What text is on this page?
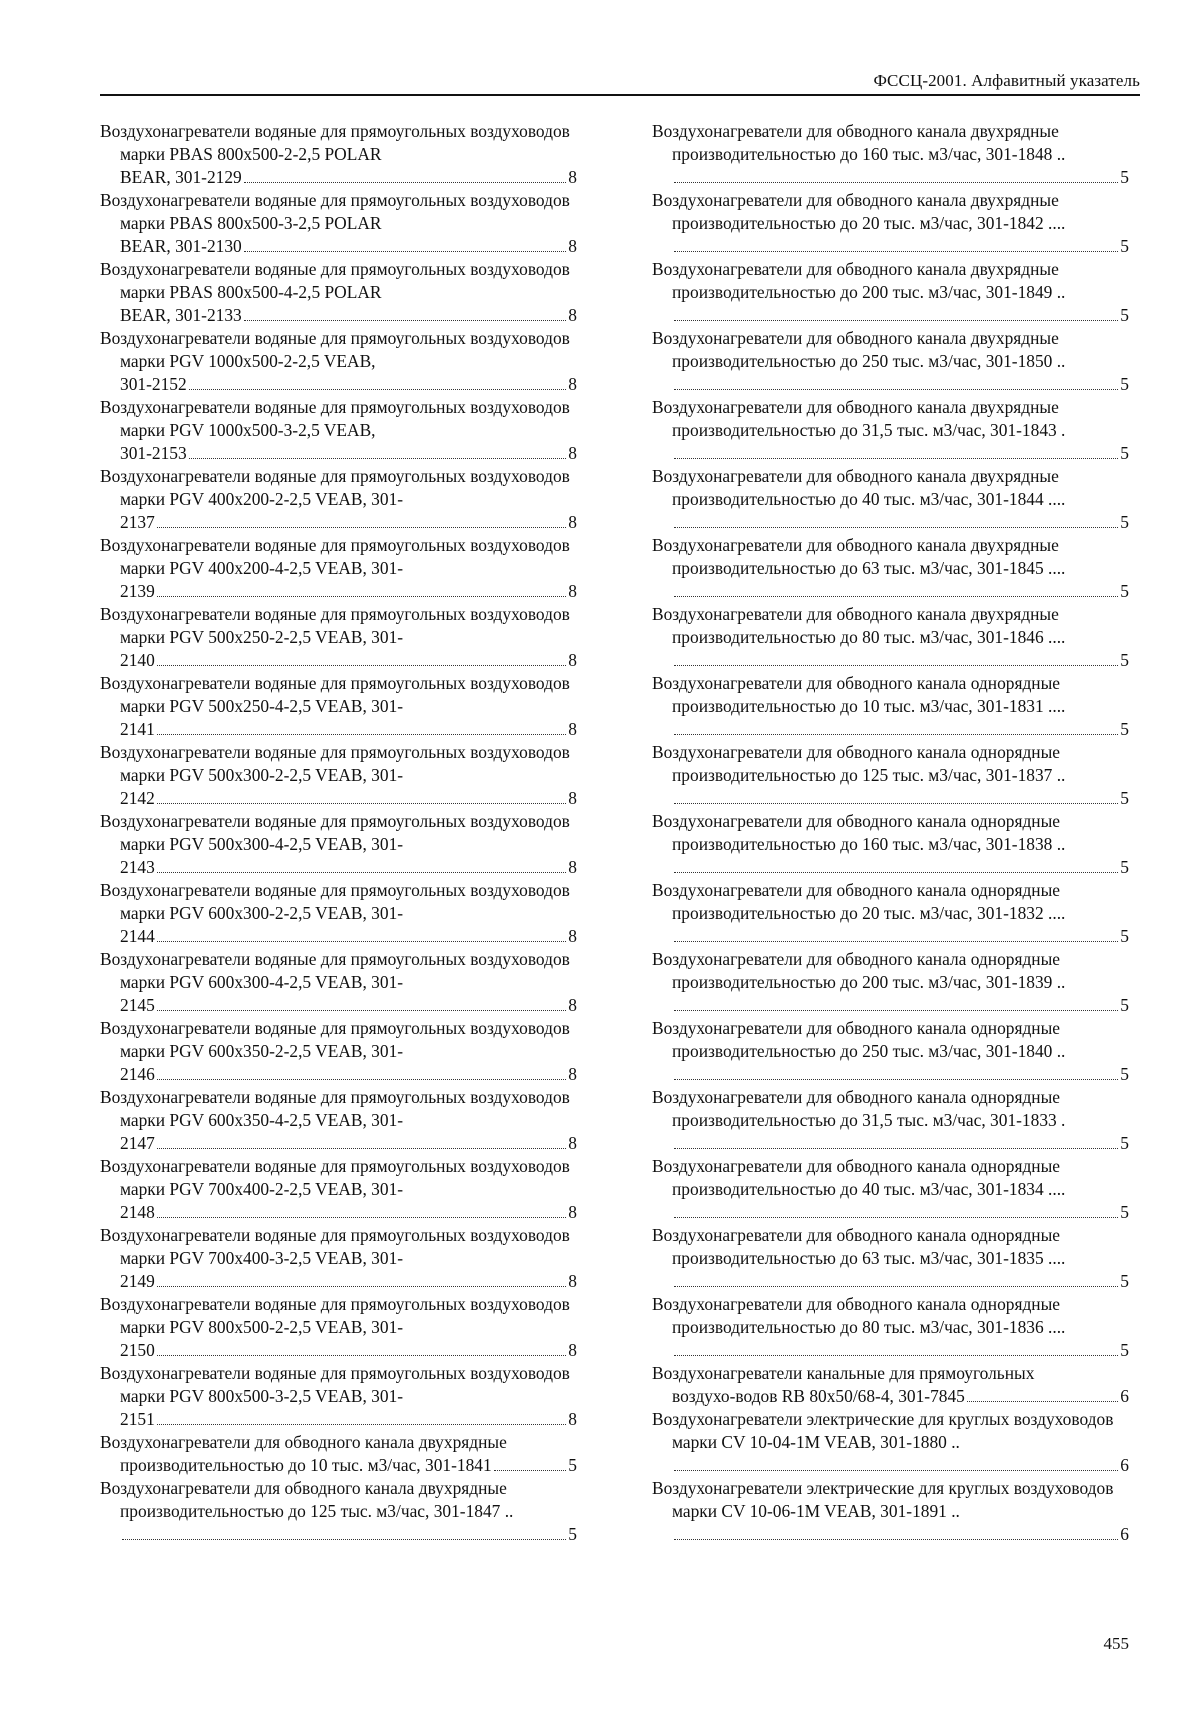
ФССЦ-2001. Алфавитный указатель

Воздухонагреватели водяные для прямоугольных воздуховодов марки PBAS 800x500-2-2,5 POLAR
BEAR, 301-2129	8

Воздухонагреватели водяные для прямоугольных воздуховодов марки PBAS 800x500-3-2,5 POLAR
BEAR, 301-2130	8

Воздухонагреватели водяные для прямоугольных воздуховодов марки PBAS 800x500-4-2,5 POLAR
BEAR, 301-2133	8

Воздухонагреватели водяные для прямоугольных воздуховодов марки PGV 1000x500-2-2,5 VEAB,
301-2152	8

Воздухонагреватели водяные для прямоугольных воздуховодов марки PGV 1000x500-3-2,5 VEAB,
301-2153	8

Воздухонагреватели водяные для прямоугольных воздуховодов марки PGV 400x200-2-2,5 VEAB, 301-
2137	8

Воздухонагреватели водяные для прямоугольных воздуховодов марки PGV 400x200-4-2,5 VEAB, 301-
2139	8

Воздухонагреватели водяные для прямоугольных воздуховодов марки PGV 500x250-2-2,5 VEAB, 301-
2140	8

Воздухонагреватели водяные для прямоугольных воздуховодов марки PGV 500x250-4-2,5 VEAB, 301-
2141	8

Воздухонагреватели водяные для прямоугольных воздуховодов марки PGV 500x300-2-2,5 VEAB, 301-
2142	8

Воздухонагреватели водяные для прямоугольных воздуховодов марки PGV 500x300-4-2,5 VEAB, 301-
2143	8

Воздухонагреватели водяные для прямоугольных воздуховодов марки PGV 600x300-2-2,5 VEAB, 301-
2144	8

Воздухонагреватели водяные для прямоугольных воздуховодов марки PGV 600x300-4-2,5 VEAB, 301-
2145	8

Воздухонагреватели водяные для прямоугольных воздуховодов марки PGV 600x350-2-2,5 VEAB, 301-
2146	8

Воздухонагреватели водяные для прямоугольных воздуховодов марки PGV 600x350-4-2,5 VEAB, 301-
2147	8

Воздухонагреватели водяные для прямоугольных воздуховодов марки PGV 700x400-2-2,5 VEAB, 301-
2148	8

Воздухонагреватели водяные для прямоугольных воздуховодов марки PGV 700x400-3-2,5 VEAB, 301-
2149	8

Воздухонагреватели водяные для прямоугольных воздуховодов марки PGV 800x500-2-2,5 VEAB, 301-
2150	8

Воздухонагреватели водяные для прямоугольных воздуховодов марки PGV 800x500-3-2,5 VEAB, 301-
2151	8

Воздухонагреватели для обводного канала двухрядные
производительностью до 10 тыс. м3/час, 301-1841	5

Воздухонагреватели для обводного канала двухрядные производительностью до 125 тыс. м3/час, 301-1847 ..
5

Воздухонагреватели для обводного канала двухрядные производительностью до 160 тыс. м3/час, 301-1848 ..
5

Воздухонагреватели для обводного канала двухрядные производительностью до 20 тыс. м3/час, 301-1842 ....
5

Воздухонагреватели для обводного канала двухрядные производительностью до 200 тыс. м3/час, 301-1849 ..
5

Воздухонагреватели для обводного канала двухрядные производительностью до 250 тыс. м3/час, 301-1850 ..
5

Воздухонагреватели для обводного канала двухрядные производительностью до 31,5 тыс. м3/час, 301-1843 .
5

Воздухонагреватели для обводного канала двухрядные производительностью до 40 тыс. м3/час, 301-1844 ....
5

Воздухонагреватели для обводного канала двухрядные производительностью до 63 тыс. м3/час, 301-1845 ....
5

Воздухонагреватели для обводного канала двухрядные производительностью до 80 тыс. м3/час, 301-1846 ....
5

Воздухонагреватели для обводного канала однорядные производительностью до 10 тыс. м3/час, 301-1831 ....
5

Воздухонагреватели для обводного канала однорядные производительностью до 125 тыс. м3/час, 301-1837 ..
5

Воздухонагреватели для обводного канала однорядные производительностью до 160 тыс. м3/час, 301-1838 ..
5

Воздухонагреватели для обводного канала однорядные производительностью до 20 тыс. м3/час, 301-1832 ....
5

Воздухонагреватели для обводного канала однорядные производительностью до 200 тыс. м3/час, 301-1839 ..
5

Воздухонагреватели для обводного канала однорядные производительностью до 250 тыс. м3/час, 301-1840 ..
5

Воздухонагреватели для обводного канала однорядные производительностью до 31,5 тыс. м3/час, 301-1833 .
5

Воздухонагреватели для обводного канала однорядные производительностью до 40 тыс. м3/час, 301-1834 ....
5

Воздухонагреватели для обводного канала однорядные производительностью до 63 тыс. м3/час, 301-1835 ....
5

Воздухонагреватели для обводного канала однорядные производительностью до 80 тыс. м3/час, 301-1836 ....
5

Воздухонагреватели канальные для прямоугольных
воздухо-водов RB 80x50/68-4, 301-7845	6

Воздухонагреватели электрические для круглых воздуховодов марки CV 10-04-1M VEAB, 301-1880 ..
6

Воздухонагреватели электрические для круглых воздуховодов марки CV 10-06-1M VEAB, 301-1891 ..
6

455
